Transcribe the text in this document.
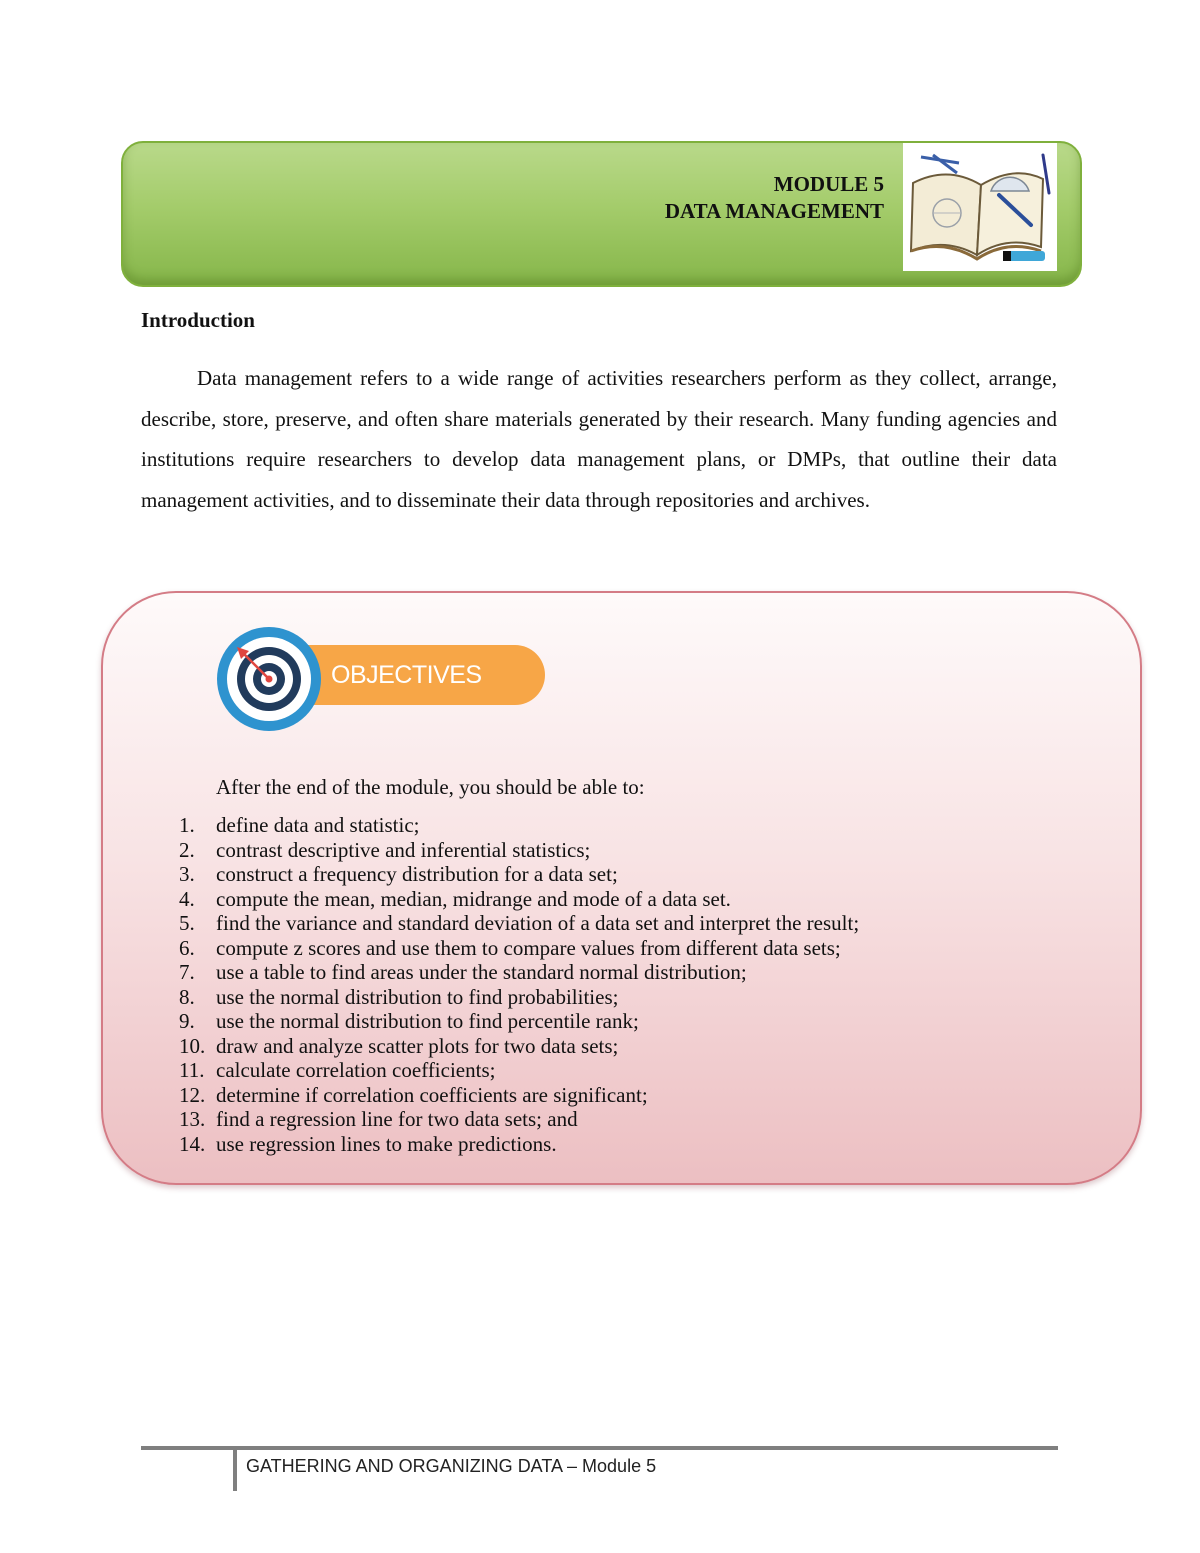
MODULE 5
DATA MANAGEMENT
Introduction

Data management refers to a wide range of activities researchers perform as they collect, arrange, describe, store, preserve, and often share materials generated by their research. Many funding agencies and institutions require researchers to develop data management plans, or DMPs, that outline their data management activities, and to disseminate their data through repositories and archives.

OBJECTIVES
After the end of the module, you should be able to:
1.	define data and statistic;
2.	contrast descriptive and inferential statistics;
3.	construct a frequency distribution for a data set;
4.	compute the mean, median, midrange and mode of a data set.
5.	find the variance and standard deviation of a data set and interpret the result;
6.	compute z scores and use them to compare values from different data sets;
7.	use a table to find areas under the standard normal distribution;
8.	use the normal distribution to find probabilities;
9.	use the normal distribution to find percentile rank;
10. draw and analyze scatter plots for two data sets;
11. calculate correlation coefficients;
12. determine if correlation coefficients are significant;
13. find a regression line for two data sets; and
14. use regression lines to make predictions.
GATHERING AND ORGANIZING DATA – Module 5
